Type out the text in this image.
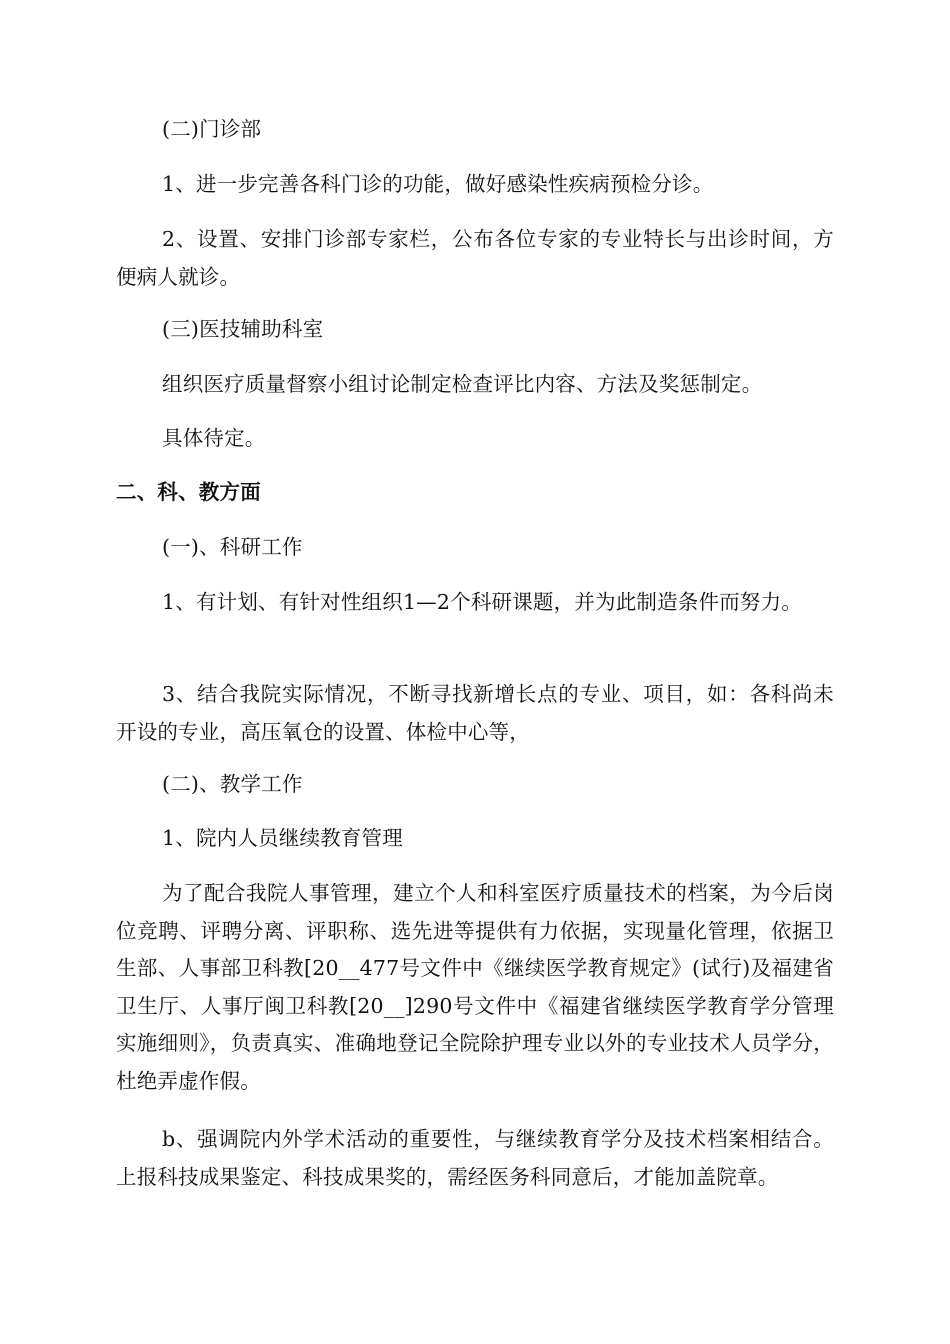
(二)门诊部

1、进一步完善各科门诊的功能，做好感染性疾病预检分诊。

2、设置、安排门诊部专家栏，公布各位专家的专业特长与出诊时间，方便病人就诊。

(三)医技辅助科室

组织医疗质量督察小组讨论制定检查评比内容、方法及奖惩制定。

具体待定。

二、科、教方面

(一)、科研工作

1、有计划、有针对性组织1—2个科研课题，并为此制造条件而努力。

3、结合我院实际情况，不断寻找新增长点的专业、项目，如：各科尚未开设的专业，高压氧仓的设置、体检中心等，

(二)、教学工作

1、院内人员继续教育管理

为了配合我院人事管理，建立个人和科室医疗质量技术的档案，为今后岗位竞聘、评聘分离、评职称、选先进等提供有力依据，实现量化管理，依据卫生部、人事部卫科教[20__477号文件中《继续医学教育规定》(试行)及福建省卫生厅、人事厅闽卫科教[20__]290号文件中《福建省继续医学教育学分管理实施细则》，负责真实、准确地登记全院除护理专业以外的专业技术人员学分，杜绝弄虚作假。

b、强调院内外学术活动的重要性，与继续教育学分及技术档案相结合。上报科技成果鉴定、科技成果奖的，需经医务科同意后，才能加盖院章。
